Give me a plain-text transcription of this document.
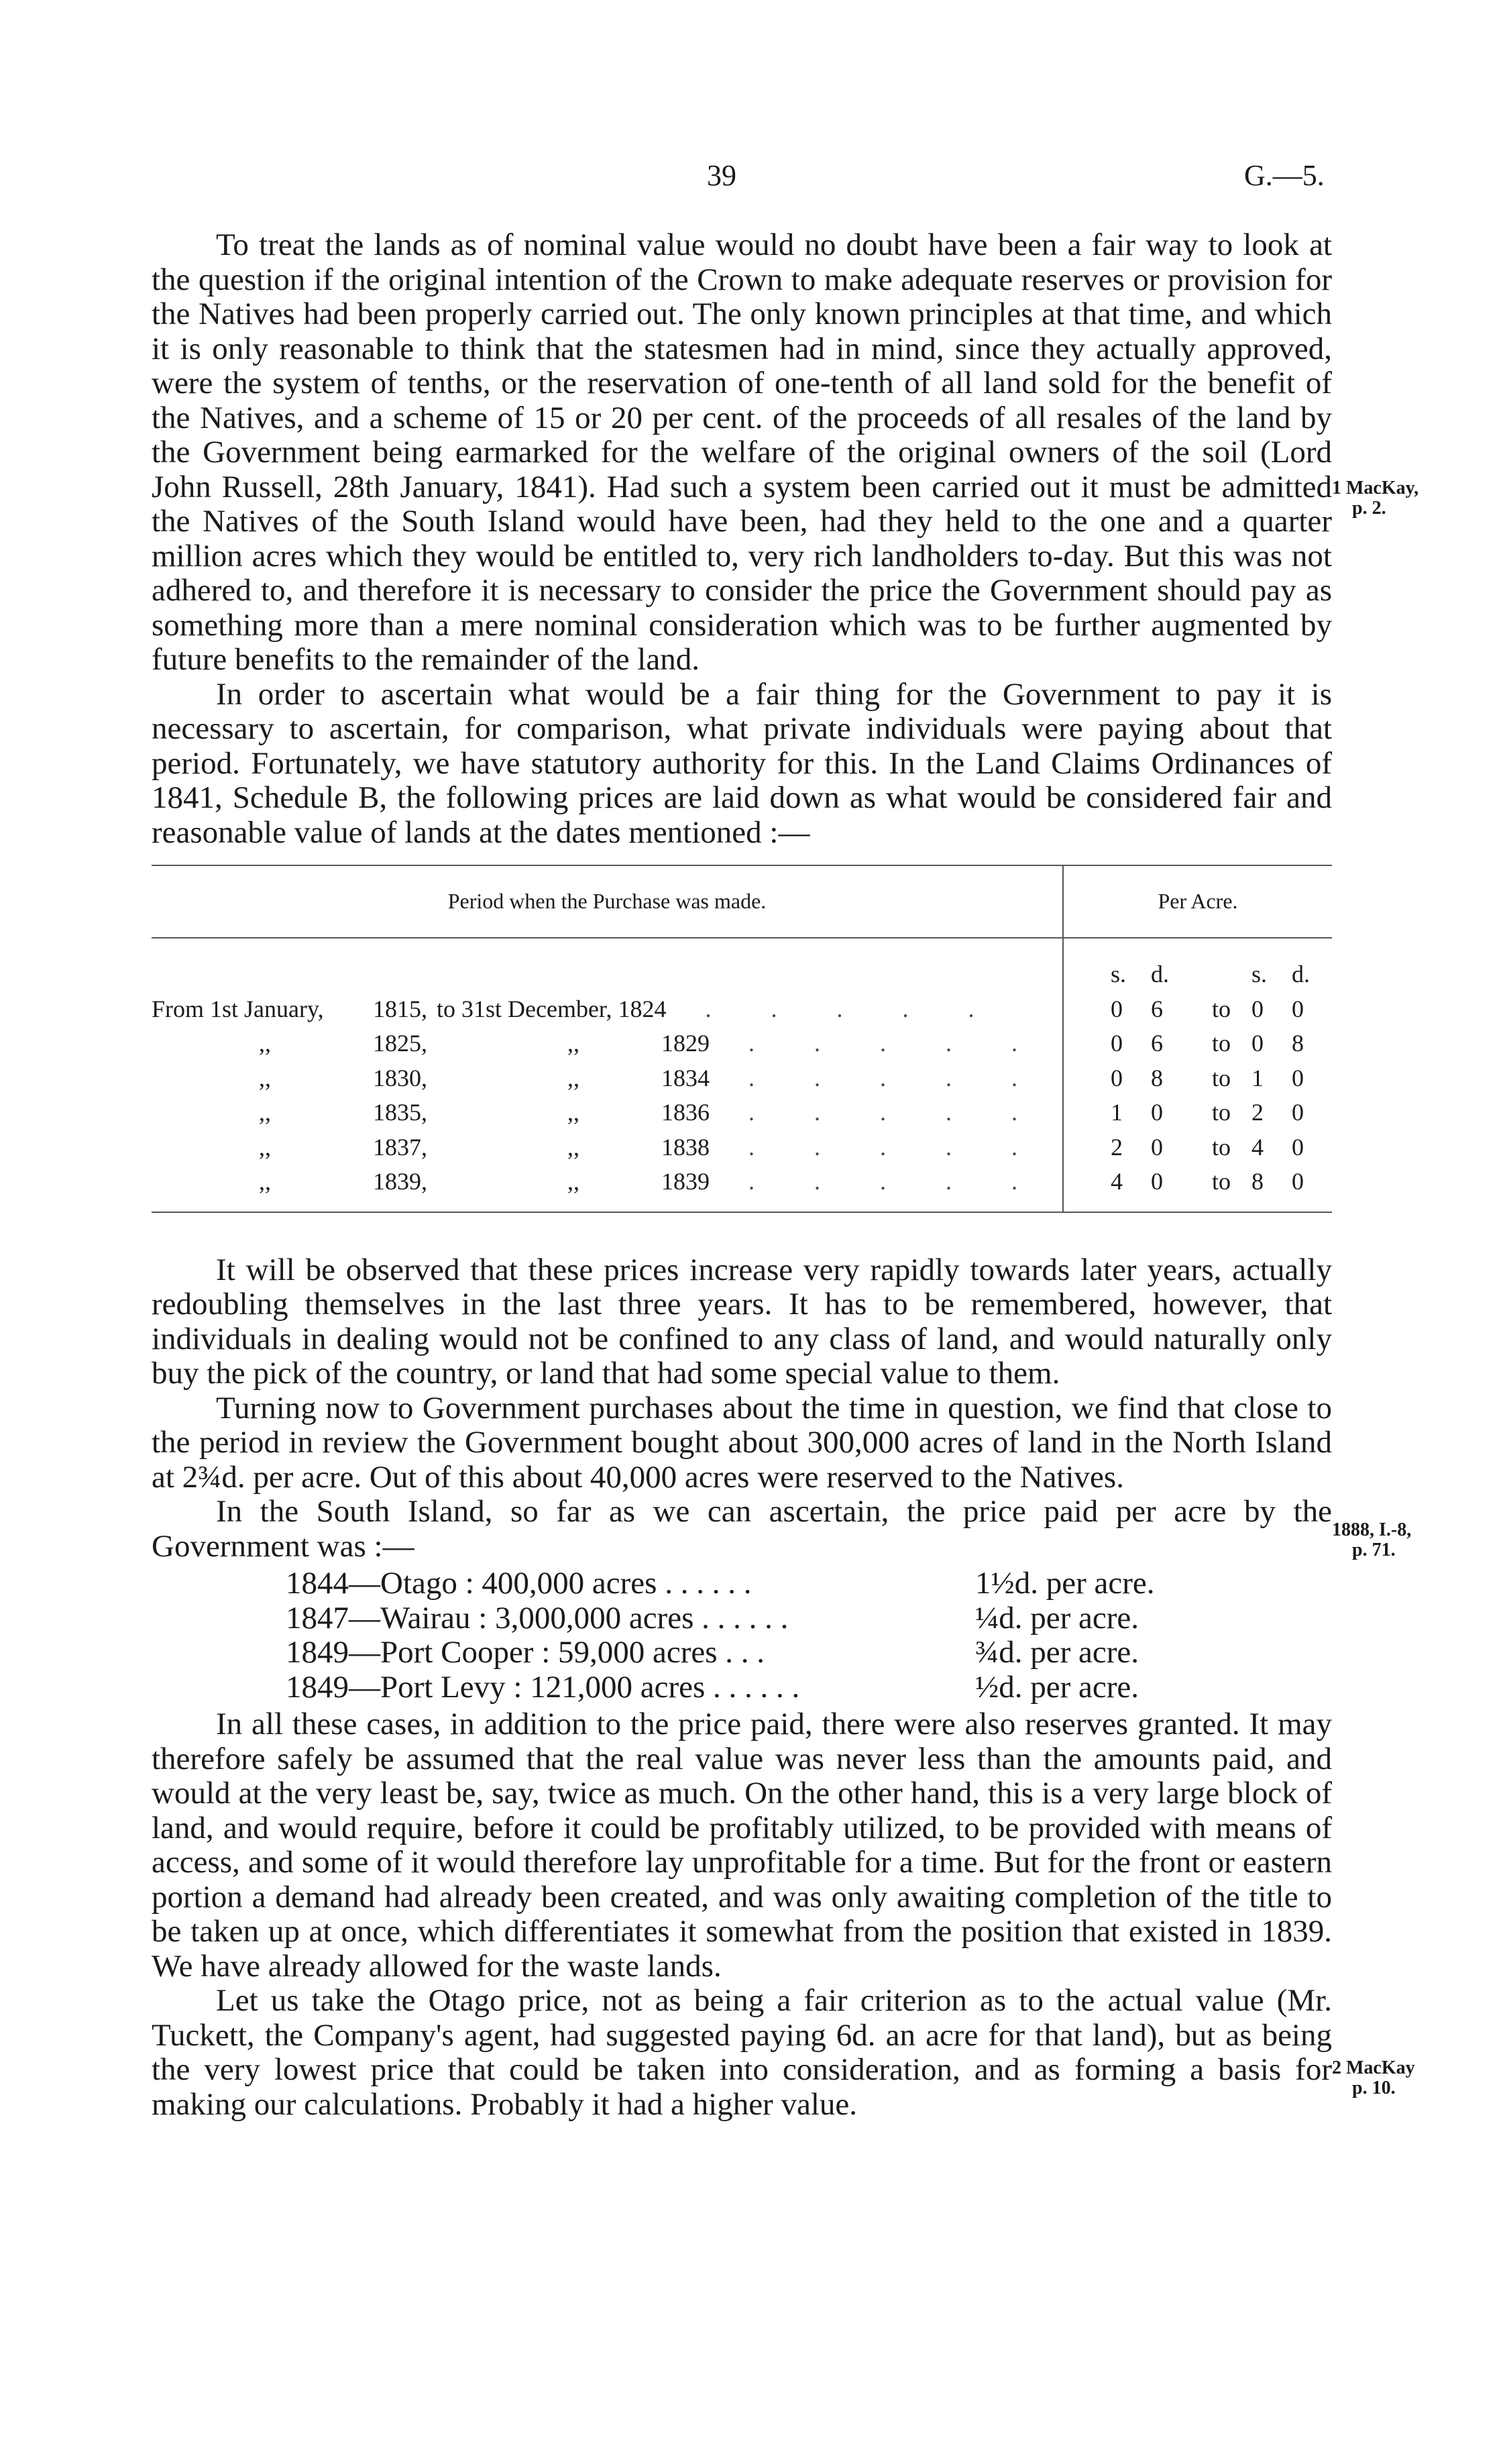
39	G.—5.
1 MacKay,
p. 2.
1888, I.-8,
p. 71.
2 MacKay
p. 10.

To treat the lands as of nominal value would no doubt have been a fair way to look at the question if the original intention of the Crown to make adequate reserves or provision for the Natives had been properly carried out. The only known principles at that time, and which it is only reasonable to think that the statesmen had in mind, since they actually approved, were the system of tenths, or the reservation of one-tenth of all land sold for the benefit of the Natives, and a scheme of 15 or 20 per cent. of the proceeds of all resales of the land by the Government being earmarked for the welfare of the original owners of the soil (Lord John Russell, 28th January, 1841). Had such a system been carried out it must be admitted the Natives of the South Island would have been, had they held to the one and a quarter million acres which they would be entitled to, very rich landholders to-day. But this was not adhered to, and therefore it is necessary to consider the price the Government should pay as something more than a mere nominal consideration which was to be further augmented by future benefits to the remainder of the land.

In order to ascertain what would be a fair thing for the Government to pay it is necessary to ascertain, for comparison, what private individuals were paying about that period. Fortunately, we have statutory authority for this. In the Land Claims Ordinances of 1841, Schedule B, the following prices are laid down as what would be considered fair and reasonable value of lands at the dates mentioned :—

Period when the Purchase was made.	Per Acre.
	s. d. s. d.
From 1st January, 1815, to 31st December, 1824 . . . . .	0 6 to 0 0
,, 1825, ,, 1829 . . . . .	0 6 to 0 8
,, 1830, ,, 1834 . . . . .	0 8 to 1 0
,, 1835, ,, 1836 . . . . .	1 0 to 2 0
,, 1837, ,, 1838 . . . . .	2 0 to 4 0
,, 1839, ,, 1839 . . . . .	4 0 to 8 0

It will be observed that these prices increase very rapidly towards later years, actually redoubling themselves in the last three years. It has to be remembered, however, that individuals in dealing would not be confined to any class of land, and would naturally only buy the pick of the country, or land that had some special value to them.

Turning now to Government purchases about the time in question, we find that close to the period in review the Government bought about 300,000 acres of land in the North Island at 2¾d. per acre. Out of this about 40,000 acres were reserved to the Natives.

In the South Island, so far as we can ascertain, the price paid per acre by the Government was :—

1844—Otago : 400,000 acres . . . . . .	1½d. per acre.
1847—Wairau : 3,000,000 acres . . . . . .	¼d. per acre.
1849—Port Cooper : 59,000 acres . . .	¾d. per acre.
1849—Port Levy : 121,000 acres . . . . . .	½d. per acre.

In all these cases, in addition to the price paid, there were also reserves granted. It may therefore safely be assumed that the real value was never less than the amounts paid, and would at the very least be, say, twice as much. On the other hand, this is a very large block of land, and would require, before it could be profitably utilized, to be provided with means of access, and some of it would therefore lay unprofitable for a time. But for the front or eastern portion a demand had already been created, and was only awaiting completion of the title to be taken up at once, which differentiates it somewhat from the position that existed in 1839. We have already allowed for the waste lands.

Let us take the Otago price, not as being a fair criterion as to the actual value (Mr. Tuckett, the Company's agent, had suggested paying 6d. an acre for that land), but as being the very lowest price that could be taken into consideration, and as forming a basis for making our calculations. Probably it had a higher value.
